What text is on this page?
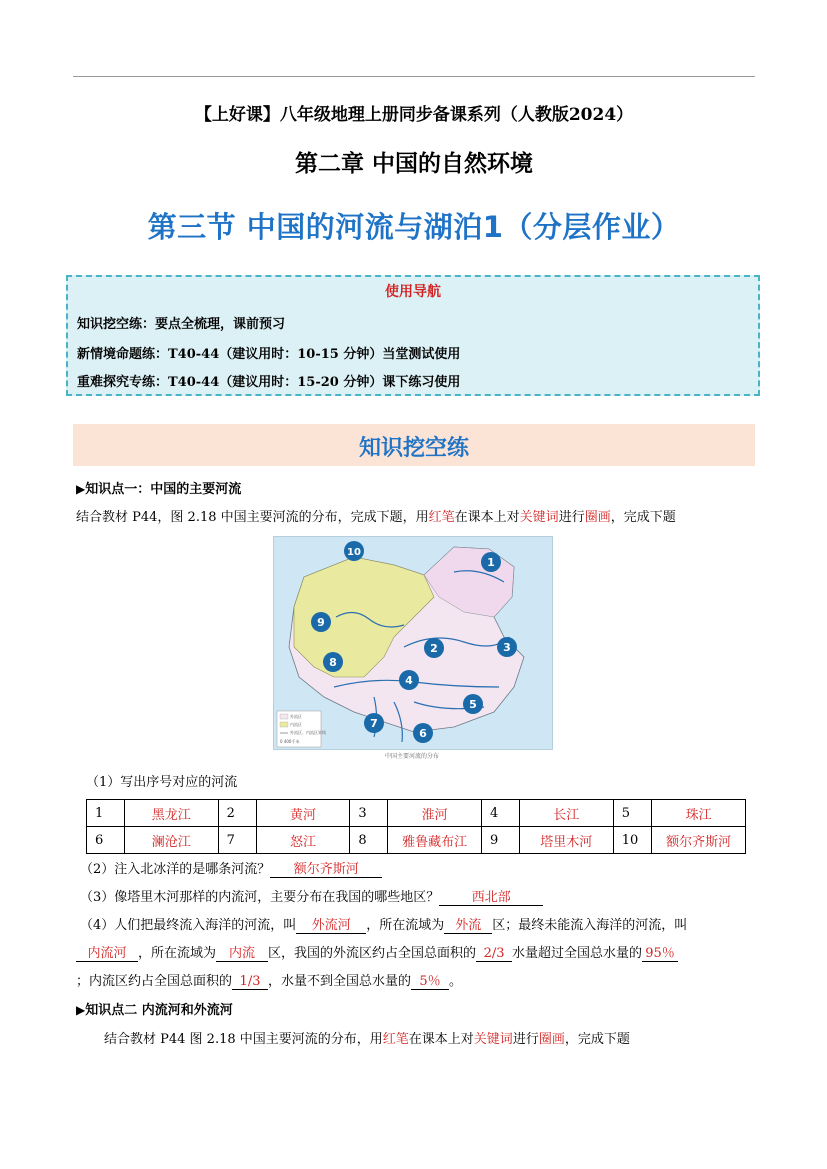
【上好课】八年级地理上册同步备课系列（人教版2024）
第二章 中国的自然环境
第三节 中国的河流与湖泊1（分层作业）
使用导航
知识挖空练：要点全梳理，课前预习
新情境命题练：T40-44（建议用时：10-15 分钟）当堂测试使用
重难探究专练：T40-44（建议用时：15-20 分钟）课下练习使用
知识挖空练
▶知识点一：中国的主要河流
结合教材 P44，图 2.18 中国主要河流的分布，完成下题，用红笔在课本上对关键词进行圈画，完成下题
外流区
内流区
外流区、内流区界线
0 400千米
1
2	3
4
5
6
7
8
9
10
中国主要河流的分布
（1）写出序号对应的河流
1	黑龙江	2	黄河	3	淮河	4	长江	5	珠江
6	澜沧江	7	怒江	8	雅鲁藏布江	9	塔里木河	10	额尔齐斯河
（2）注入北冰洋的是哪条河流？ 额尔齐斯河
（3）像塔里木河那样的内流河，主要分布在我国的哪些地区？ 西北部
（4）人们把最终流入海洋的河流，叫 外流河 ，所在流域为 外流 区；最终未能流入海洋的河流，叫
内流河 ，所在流域为 内流 区，我国的外流区约占全国总面积的 2/3 水量超过全国总水量的 95％
；内流区约占全国总面积的 1/3 ，水量不到全国总水量的 5％ 。
▶知识点二 内流河和外流河
结合教材 P44 图 2.18 中国主要河流的分布，用红笔在课本上对关键词进行圈画，完成下题
